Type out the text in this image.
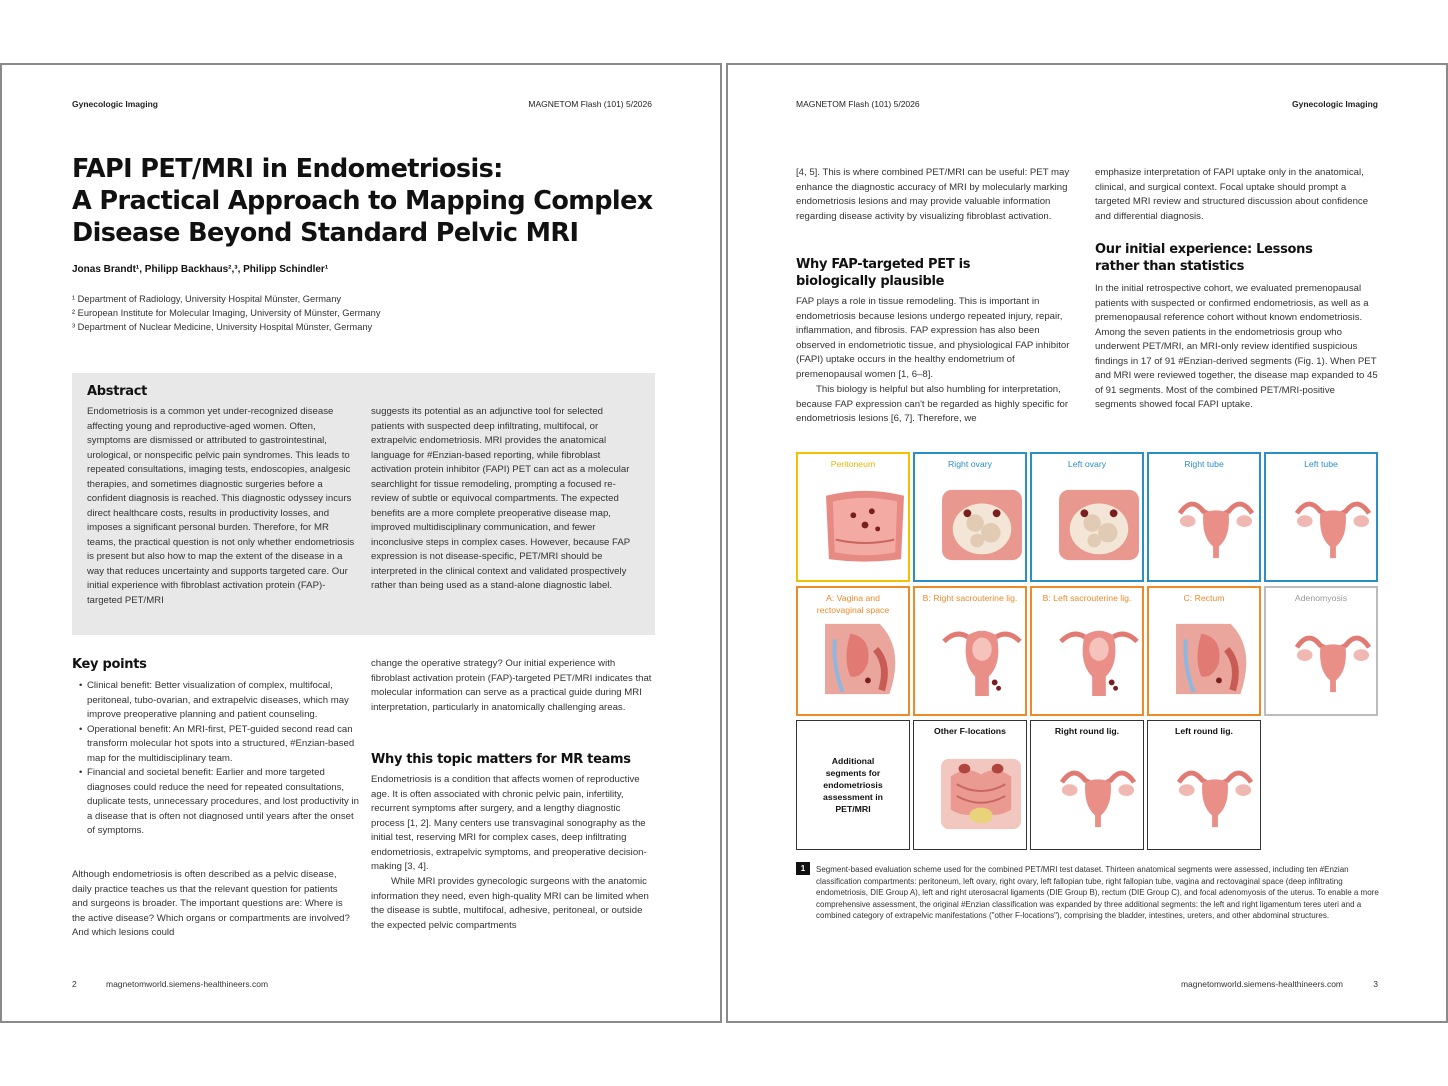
Gynecologic Imaging	MAGNETOM Flash (101) 5/2026
FAPI PET/MRI in Endometriosis:
A Practical Approach to Mapping Complex
Disease Beyond Standard Pelvic MRI
Jonas Brandt¹, Philipp Backhaus²,³, Philipp Schindler¹
¹ Department of Radiology, University Hospital Münster, Germany
² European Institute for Molecular Imaging, University of Münster, Germany
³ Department of Nuclear Medicine, University Hospital Münster, Germany
Abstract
Endometriosis is a common yet under-recognized disease affecting young and reproductive-aged women. Often, symptoms are dismissed or attributed to gastrointestinal, urological, or nonspecific pelvic pain syndromes. This leads to repeated consultations, imaging tests, endoscopies, analgesic therapies, and sometimes diagnostic surgeries before a confident diagnosis is reached. This diagnostic odyssey incurs direct healthcare costs, results in productivity losses, and imposes a significant personal burden. Therefore, for MR teams, the practical question is not only whether endometriosis is present but also how to map the extent of the disease in a way that reduces uncertainty and supports targeted care. Our initial experience with fibroblast activation protein (FAP)-targeted PET/MRI
suggests its potential as an adjunctive tool for selected patients with suspected deep infiltrating, multifocal, or extrapelvic endometriosis. MRI provides the anatomical language for #Enzian-based reporting, while fibroblast activation protein inhibitor (FAPI) PET can act as a molecular searchlight for tissue remodeling, prompting a focused re-review of subtle or equivocal compartments. The expected benefits are a more complete preoperative disease map, improved multidisciplinary communication, and fewer inconclusive steps in complex cases. However, because FAP expression is not disease-specific, PET/MRI should be interpreted in the clinical context and validated prospectively rather than being used as a stand-alone diagnostic label.
Key points
• Clinical benefit: Better visualization of complex, multifocal, peritoneal, tubo-ovarian, and extrapelvic diseases, which may improve preoperative planning and patient counseling.
• Operational benefit: An MRI-first, PET-guided second read can transform molecular hot spots into a structured, #Enzian-based map for the multidisciplinary team.
• Financial and societal benefit: Earlier and more targeted diagnoses could reduce the need for repeated consultations, duplicate tests, unnecessary procedures, and lost productivity in a disease that is often not diagnosed until years after the onset of symptoms.
Although endometriosis is often described as a pelvic disease, daily practice teaches us that the relevant question for patients and surgeons is broader. The important questions are: Where is the active disease? Which organs or compartments are involved? And which lesions could
change the operative strategy? Our initial experience with fibroblast activation protein (FAP)-targeted PET/MRI indicates that molecular information can serve as a practical guide during MRI interpretation, particularly in anatomically challenging areas.
Why this topic matters for MR teams
Endometriosis is a condition that affects women of reproductive age. It is often associated with chronic pelvic pain, infertility, recurrent symptoms after surgery, and a lengthy diagnostic process [1, 2]. Many centers use transvaginal sonography as the initial test, reserving MRI for complex cases, deep infiltrating endometriosis, extrapelvic symptoms, and preoperative decision-making [3, 4].
While MRI provides gynecologic surgeons with the anatomic information they need, even high-quality MRI can be limited when the disease is subtle, multifocal, adhesive, peritoneal, or outside the expected pelvic compartments
2	magnetomworld.siemens-healthineers.com
MAGNETOM Flash (101) 5/2026	Gynecologic Imaging
[4, 5]. This is where combined PET/MRI can be useful: PET may enhance the diagnostic accuracy of MRI by molecularly marking endometriosis lesions and may provide valuable information regarding disease activity by visualizing fibroblast activation.
Why FAP-targeted PET is biologically plausible
FAP plays a role in tissue remodeling. This is important in endometriosis because lesions undergo repeated injury, repair, inflammation, and fibrosis. FAP expression has also been observed in endometriotic tissue, and physiological FAP inhibitor (FAPI) uptake occurs in the healthy endometrium of premenopausal women [1, 6–8].
This biology is helpful but also humbling for interpretation, because FAP expression can't be regarded as highly specific for endometriosis lesions [6, 7]. Therefore, we
emphasize interpretation of FAPI uptake only in the anatomical, clinical, and surgical context. Focal uptake should prompt a targeted MRI review and structured discussion about confidence and differential diagnosis.
Our initial experience: Lessons rather than statistics
In the initial retrospective cohort, we evaluated premenopausal patients with suspected or confirmed endometriosis, as well as a premenopausal reference cohort without known endometriosis. Among the seven patients in the endometriosis group who underwent PET/MRI, an MRI-only review identified suspicious findings in 17 of 91 #Enzian-derived segments (Fig. 1). When PET and MRI were reviewed together, the disease map expanded to 45 of 91 segments. Most of the combined PET/MRI-positive segments showed focal FAPI uptake.
Peritoneum	Right ovary	Left ovary	Right tube	Left tube
A: Vagina and rectovaginal space
B: Right sacrouterine lig.	B: Left sacrouterine lig.	C: Rectum	Adenomyosis
Additional segments for endometriosis assessment in PET/MRI
Other F-locations	Right round lig.	Left round lig.
1	Segment-based evaluation scheme used for the combined PET/MRI test dataset. Thirteen anatomical segments were assessed, including ten #Enzian classification compartments: peritoneum, left ovary, right ovary, left fallopian tube, right fallopian tube, vagina and rectovaginal space (deep infiltrating endometriosis, DIE Group A), left and right uterosacral ligaments (DIE Group B), rectum (DIE Group C), and focal adenomyosis of the uterus. To enable a more comprehensive assessment, the original #Enzian classification was expanded by three additional segments: the left and right ligamentum teres uteri and a combined category of extrapelvic manifestations ("other F-locations"), comprising the bladder, intestines, ureters, and other abdominal structures.
magnetomworld.siemens-healthineers.com	3
